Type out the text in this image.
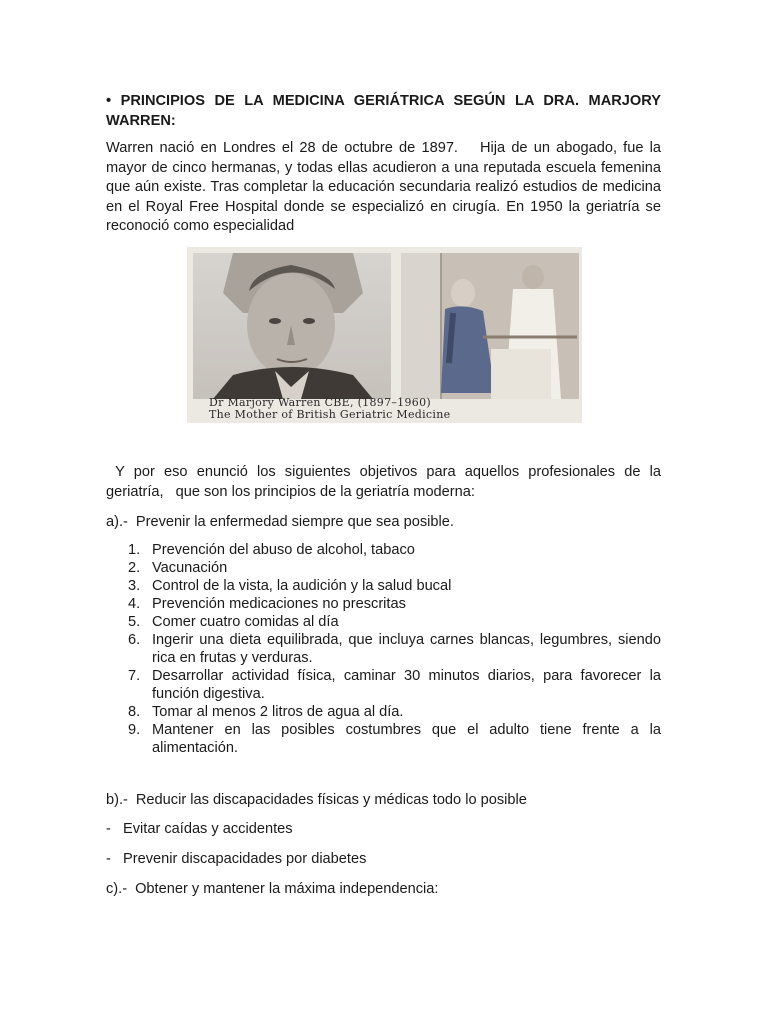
• PRINCIPIOS DE LA MEDICINA GERIÁTRICA SEGÚN LA DRA. MARJORY WARREN:
Warren nació en Londres el 28 de octubre de 1897. Hija de un abogado, fue la mayor de cinco hermanas, y todas ellas acudieron a una reputada escuela femenina que aún existe. Tras completar la educación secundaria realizó estudios de medicina en el Royal Free Hospital donde se especializó en cirugía. En 1950 la geriatría se reconoció como especialidad
Dr Marjory Warren CBE, (1897–1960)
The Mother of British Geriatric Medicine
Y por eso enunció los siguientes objetivos para aquellos profesionales de la geriatría, que son los principios de la geriatría moderna:
a).- Prevenir la enfermedad siempre que sea posible.
1. Prevención del abuso de alcohol, tabaco
2. Vacunación
3. Control de la vista, la audición y la salud bucal
4. Prevención medicaciones no prescritas
5. Comer cuatro comidas al día
6. Ingerir una dieta equilibrada, que incluya carnes blancas, legumbres, siendo rica en frutas y verduras.
7. Desarrollar actividad física, caminar 30 minutos diarios, para favorecer la función digestiva.
8. Tomar al menos 2 litros de agua al día.
9. Mantener en las posibles costumbres que el adulto tiene frente a la alimentación.
b).- Reducir las discapacidades físicas y médicas todo lo posible
- Evitar caídas y accidentes
- Prevenir discapacidades por diabetes
c).- Obtener y mantener la máxima independencia:
